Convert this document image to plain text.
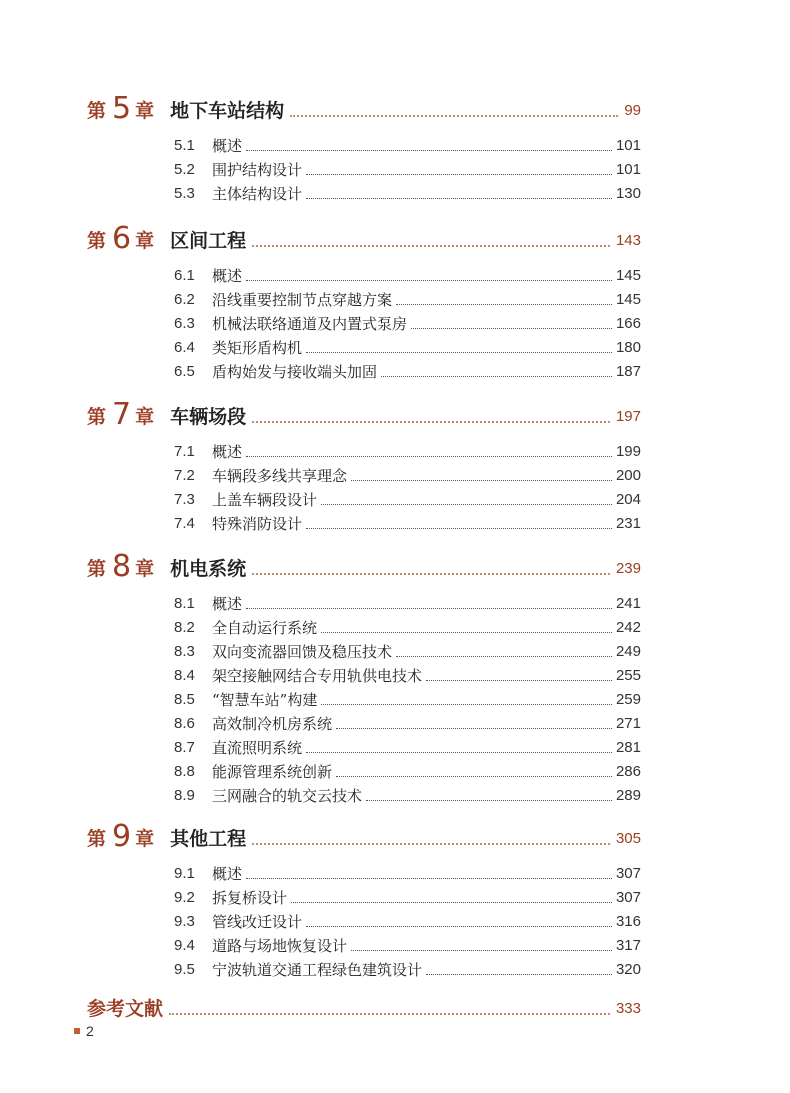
第 5 章 地下车站结构	99
5.1	概述	101
5.2	围护结构设计	101
5.3	主体结构设计	130
第 6 章 区间工程	143
6.1	概述	145
6.2	沿线重要控制节点穿越方案	145
6.3	机械法联络通道及内置式泵房	166
6.4	类矩形盾构机	180
6.5	盾构始发与接收端头加固	187
第 7 章 车辆场段	197
7.1	概述	199
7.2	车辆段多线共享理念	200
7.3	上盖车辆段设计	204
7.4	特殊消防设计	231
第 8 章 机电系统	239
8.1	概述	241
8.2	全自动运行系统	242
8.3	双向变流器回馈及稳压技术	249
8.4	架空接触网结合专用轨供电技术	255
8.5	“智慧车站”构建	259
8.6	高效制冷机房系统	271
8.7	直流照明系统	281
8.8	能源管理系统创新	286
8.9	三网融合的轨交云技术	289
第 9 章 其他工程	305
9.1	概述	307
9.2	拆复桥设计	307
9.3	管线改迁设计	316
9.4	道路与场地恢复设计	317
9.5	宁波轨道交通工程绿色建筑设计	320
参考文献	333
2
